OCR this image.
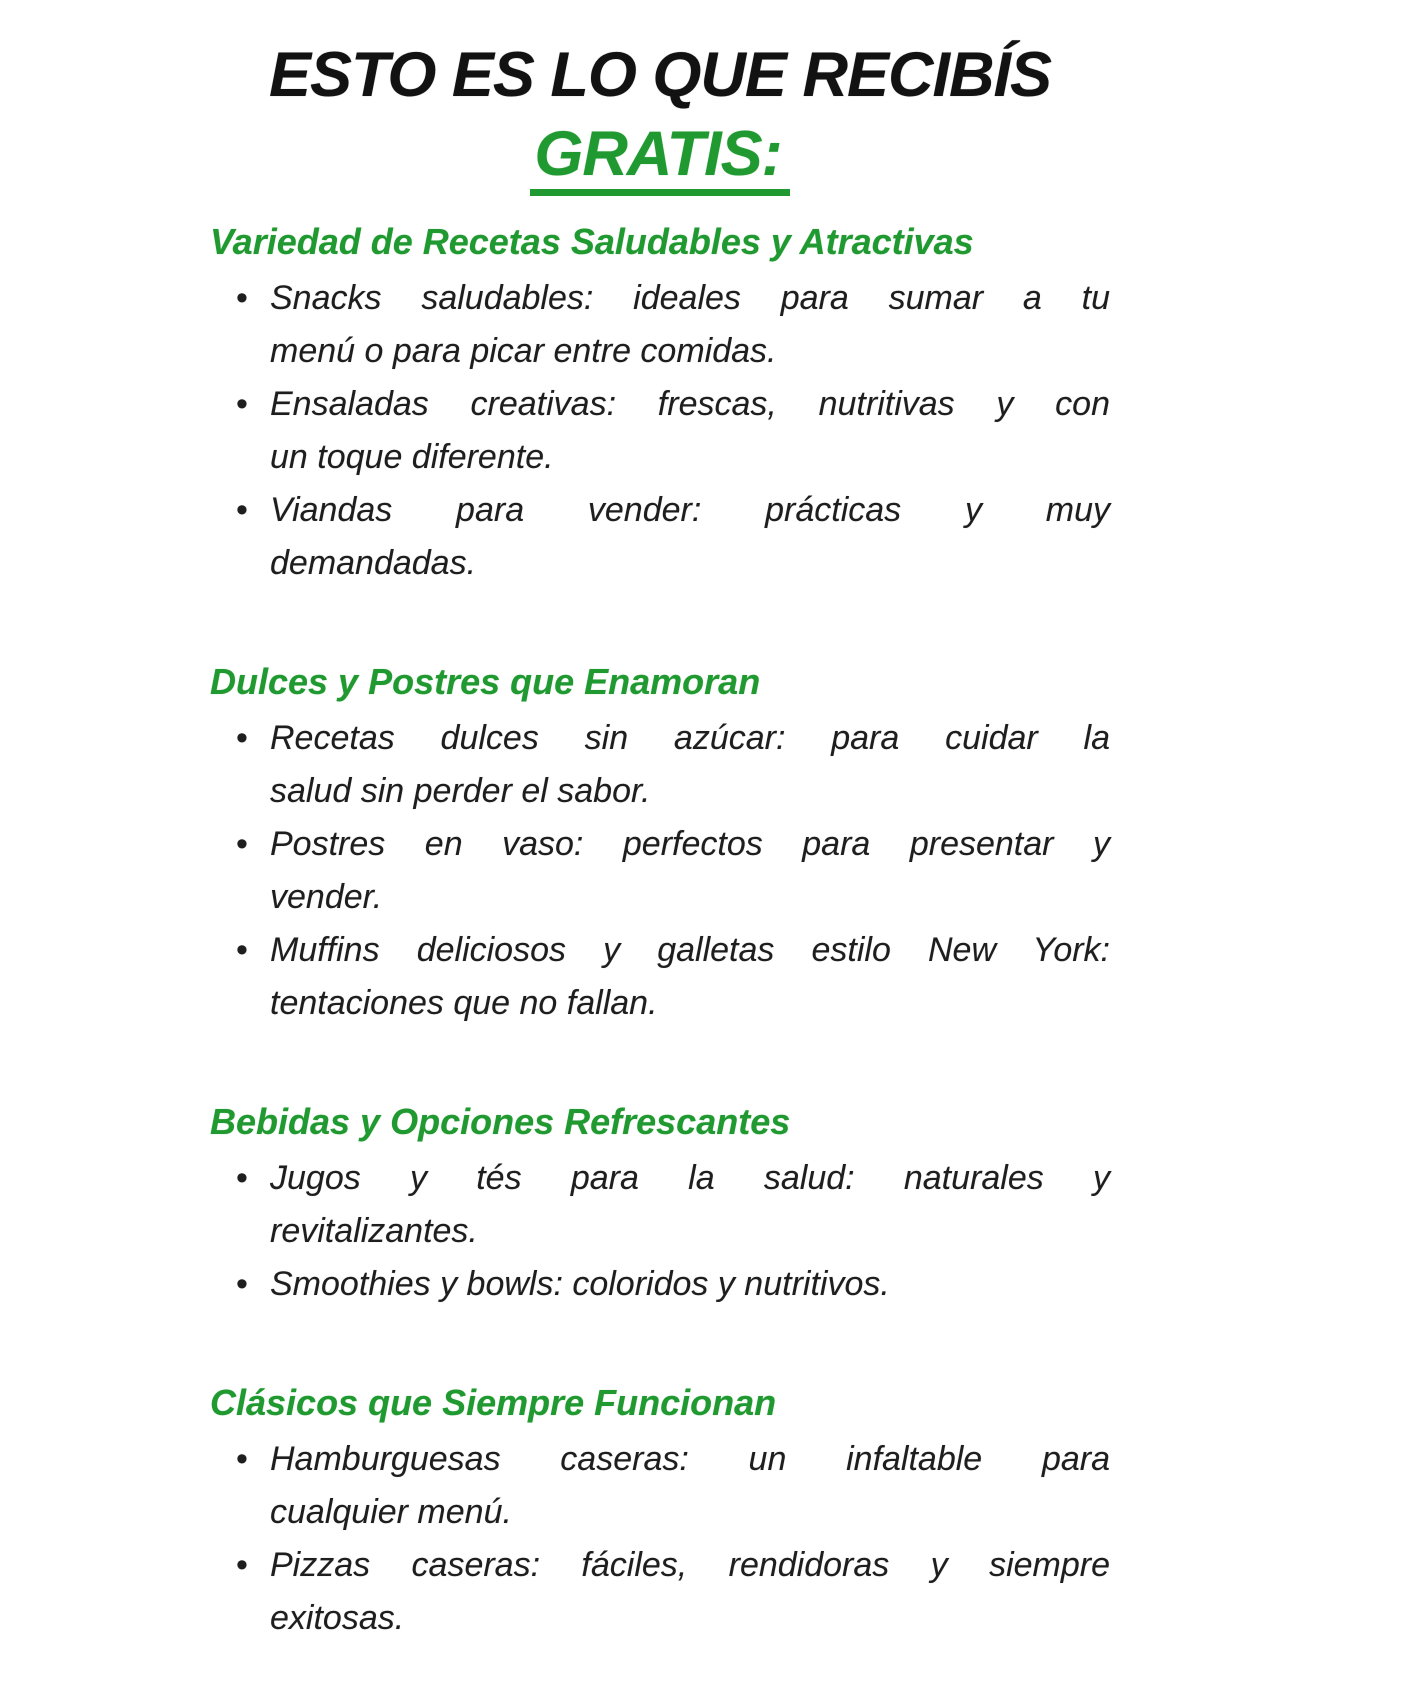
ESTO ES LO QUE RECIBÍS
GRATIS:
Variedad de Recetas Saludables y Atractivas
• Snacks saludables: ideales para sumar a tu
menú o para picar entre comidas.
• Ensaladas creativas: frescas, nutritivas y con
un toque diferente.
• Viandas para vender: prácticas y muy
demandadas.
Dulces y Postres que Enamoran
• Recetas dulces sin azúcar: para cuidar la
salud sin perder el sabor.
• Postres en vaso: perfectos para presentar y
vender.
• Muffins deliciosos y galletas estilo New York:
tentaciones que no fallan.
Bebidas y Opciones Refrescantes
• Jugos y tés para la salud: naturales y
revitalizantes.
• Smoothies y bowls: coloridos y nutritivos.
Clásicos que Siempre Funcionan
• Hamburguesas caseras: un infaltable para
cualquier menú.
• Pizzas caseras: fáciles, rendidoras y siempre
exitosas.
